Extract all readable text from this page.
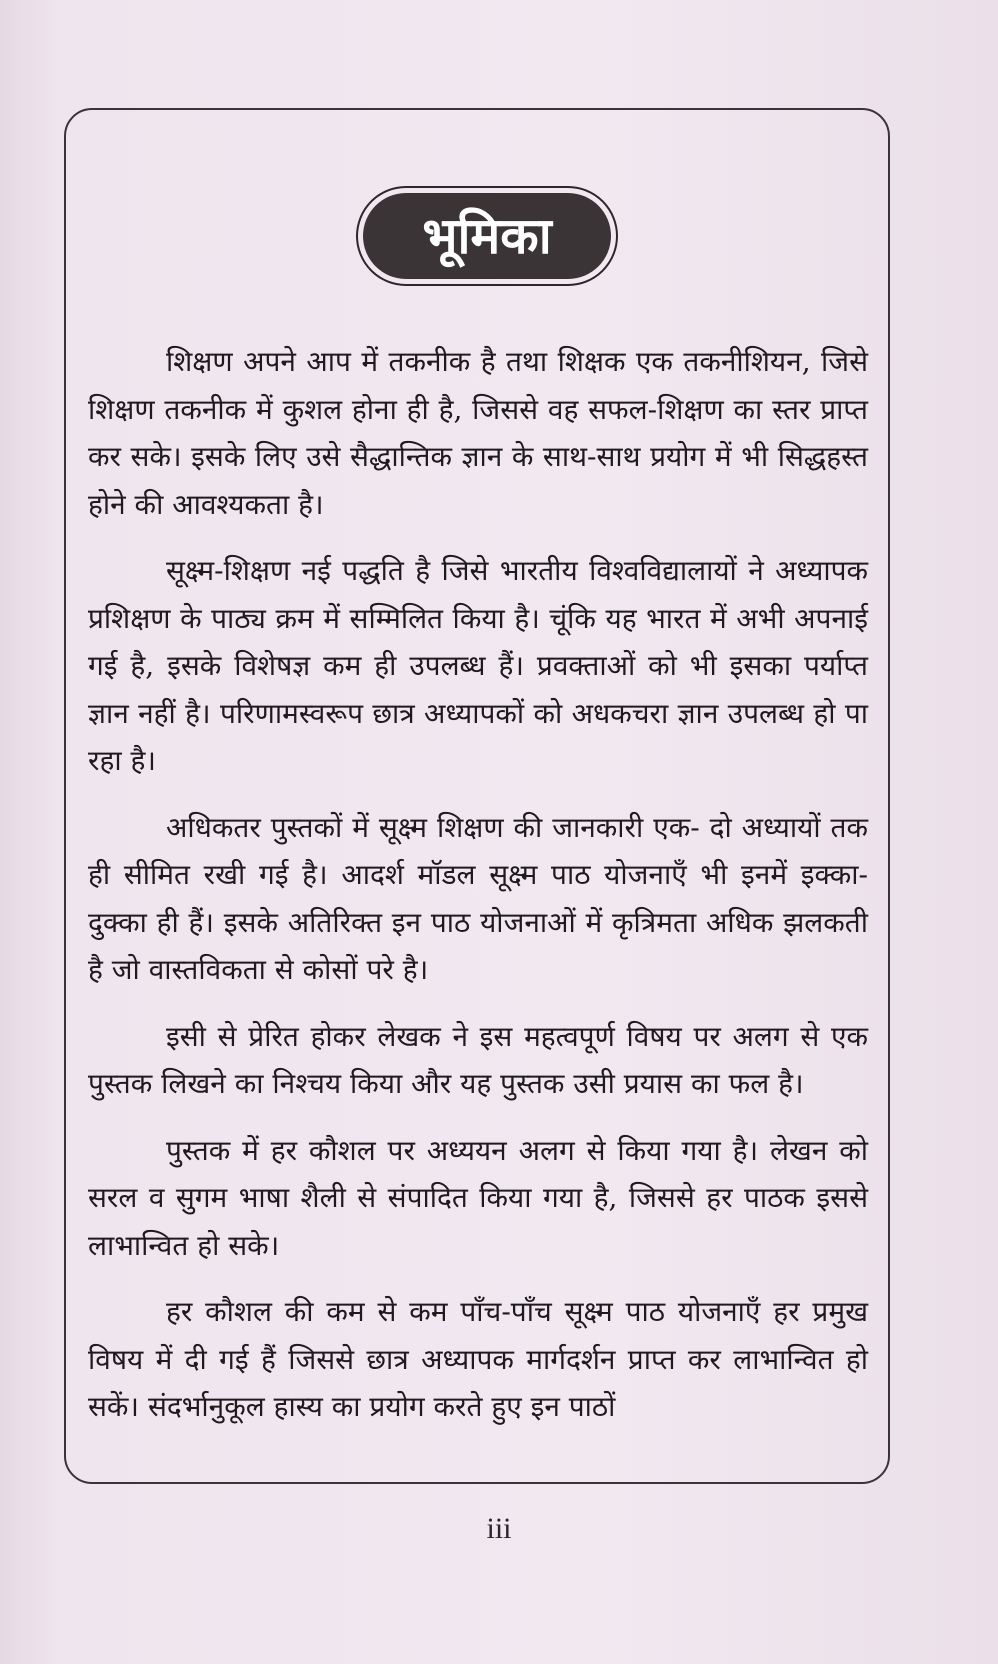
भूमिका

शिक्षण अपने आप में तकनीक है तथा शिक्षक एक तकनीशियन, जिसे शिक्षण तकनीक में कुशल होना ही है, जिससे वह सफल-शिक्षण का स्तर प्राप्त कर सके। इसके लिए उसे सैद्धान्तिक ज्ञान के साथ-साथ प्रयोग में भी सिद्धहस्त होने की आवश्यकता है।

सूक्ष्म-शिक्षण नई पद्धति है जिसे भारतीय विश्वविद्यालायों ने अध्यापक प्रशिक्षण के पाठ्य क्रम में सम्मिलित किया है। चूंकि यह भारत में अभी अपनाई गई है, इसके विशेषज्ञ कम ही उपलब्ध हैं। प्रवक्ताओं को भी इसका पर्याप्त ज्ञान नहीं है। परिणामस्वरूप छात्र अध्यापकों को अधकचरा ज्ञान उपलब्ध हो पा रहा है।

अधिकतर पुस्तकों में सूक्ष्म शिक्षण की जानकारी एक- दो अध्यायों तक ही सीमित रखी गई है। आदर्श मॉडल सूक्ष्म पाठ योजनाएँ भी इनमें इक्का-दुक्का ही हैं। इसके अतिरिक्त इन पाठ योजनाओं में कृत्रिमता अधिक झलकती है जो वास्तविकता से कोसों परे है।

इसी से प्रेरित होकर लेखक ने इस महत्वपूर्ण विषय पर अलग से एक पुस्तक लिखने का निश्चय किया और यह पुस्तक उसी प्रयास का फल है।

पुस्तक में हर कौशल पर अध्ययन अलग से किया गया है। लेखन को सरल व सुगम भाषा शैली से संपादित किया गया है, जिससे हर पाठक इससे लाभान्वित हो सके।

हर कौशल की कम से कम पाँच-पाँच सूक्ष्म पाठ योजनाएँ हर प्रमुख विषय में दी गई हैं जिससे छात्र अध्यापक मार्गदर्शन प्राप्त कर लाभान्वित हो सकें। संदर्भानुकूल हास्य का प्रयोग करते हुए इन पाठों

iii
